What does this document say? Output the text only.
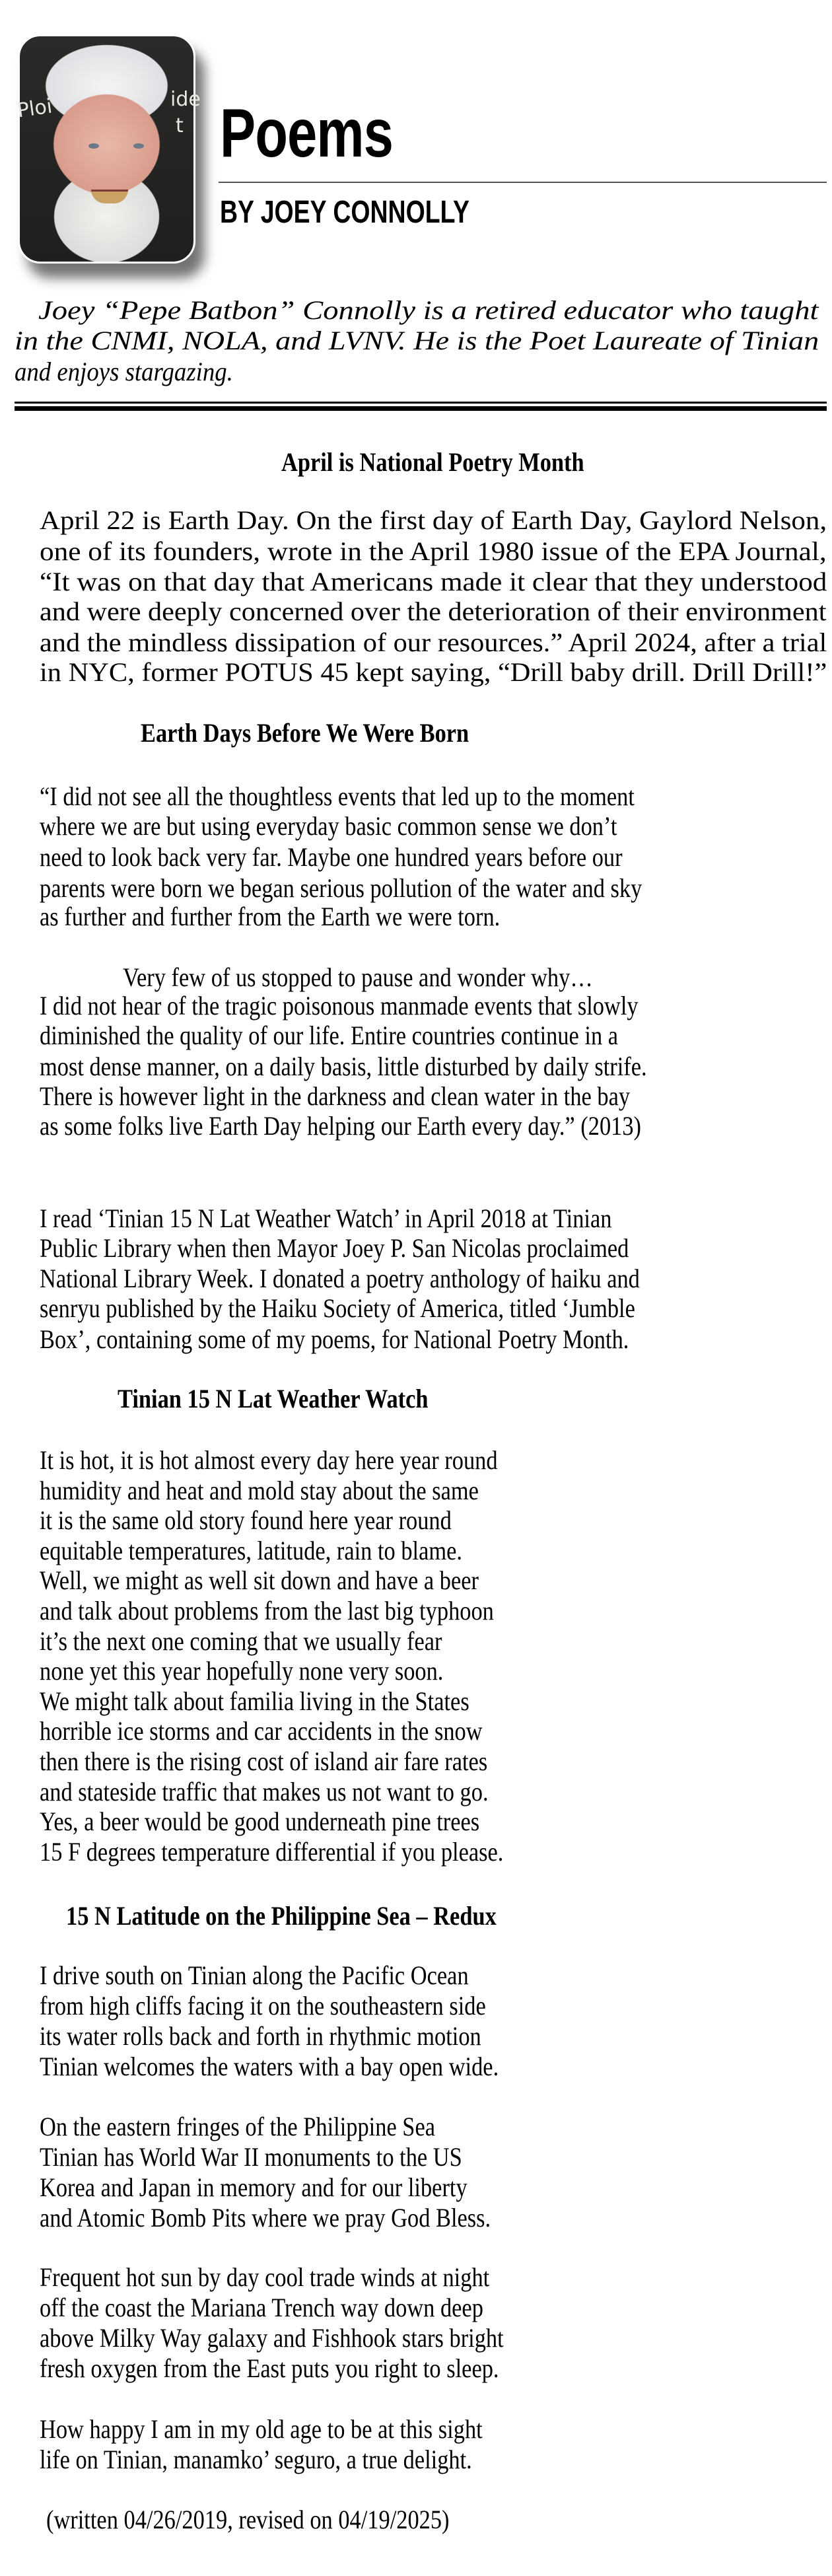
Ploi	ide
t Poems
BY JOEY CONNOLLY
Joey “Pepe Batbon” Connolly is a retired educator who taught
in the CNMI, NOLA, and LVNV. He is the Poet Laureate of Tinian
and enjoys stargazing.
April is National Poetry Month
April 22 is Earth Day. On the first day of Earth Day, Gaylord Nelson,
one of its founders, wrote in the April 1980 issue of the EPA Journal,
“It was on that day that Americans made it clear that they understood
and were deeply concerned over the deterioration of their environment
and the mindless dissipation of our resources.” April 2024, after a trial
in NYC, former POTUS 45 kept saying, “Drill baby drill. Drill Drill!”
Earth Days Before We Were Born
“I did not see all the thoughtless events that led up to the moment
where we are but using everyday basic common sense we don’t
need to look back very far. Maybe one hundred years before our
parents were born we began serious pollution of the water and sky
as further and further from the Earth we were torn.
Very few of us stopped to pause and wonder why…
I did not hear of the tragic poisonous manmade events that slowly
diminished the quality of our life. Entire countries continue in a
most dense manner, on a daily basis, little disturbed by daily strife.
There is however light in the darkness and clean water in the bay
as some folks live Earth Day helping our Earth every day.” (2013)
I read ‘Tinian 15 N Lat Weather Watch’ in April 2018 at Tinian
Public Library when then Mayor Joey P. San Nicolas proclaimed
National Library Week. I donated a poetry anthology of haiku and
senryu published by the Haiku Society of America, titled ‘Jumble
Box’, containing some of my poems, for National Poetry Month.
Tinian 15 N Lat Weather Watch
It is hot, it is hot almost every day here year round
humidity and heat and mold stay about the same
it is the same old story found here year round
equitable temperatures, latitude, rain to blame.
Well, we might as well sit down and have a beer
and talk about problems from the last big typhoon
it’s the next one coming that we usually fear
none yet this year hopefully none very soon.
We might talk about familia living in the States
horrible ice storms and car accidents in the snow
then there is the rising cost of island air fare rates
and stateside traffic that makes us not want to go.
Yes, a beer would be good underneath pine trees
15 F degrees temperature differential if you please.
15 N Latitude on the Philippine Sea – Redux
I drive south on Tinian along the Pacific Ocean
from high cliffs facing it on the southeastern side
its water rolls back and forth in rhythmic motion
Tinian welcomes the waters with a bay open wide.
On the eastern fringes of the Philippine Sea
Tinian has World War II monuments to the US
Korea and Japan in memory and for our liberty
and Atomic Bomb Pits where we pray God Bless.
Frequent hot sun by day cool trade winds at night
off the coast the Mariana Trench way down deep
above Milky Way galaxy and Fishhook stars bright
fresh oxygen from the East puts you right to sleep.
How happy I am in my old age to be at this sight
life on Tinian, manamko’ seguro, a true delight.
(written 04/26/2019, revised on 04/19/2025)
